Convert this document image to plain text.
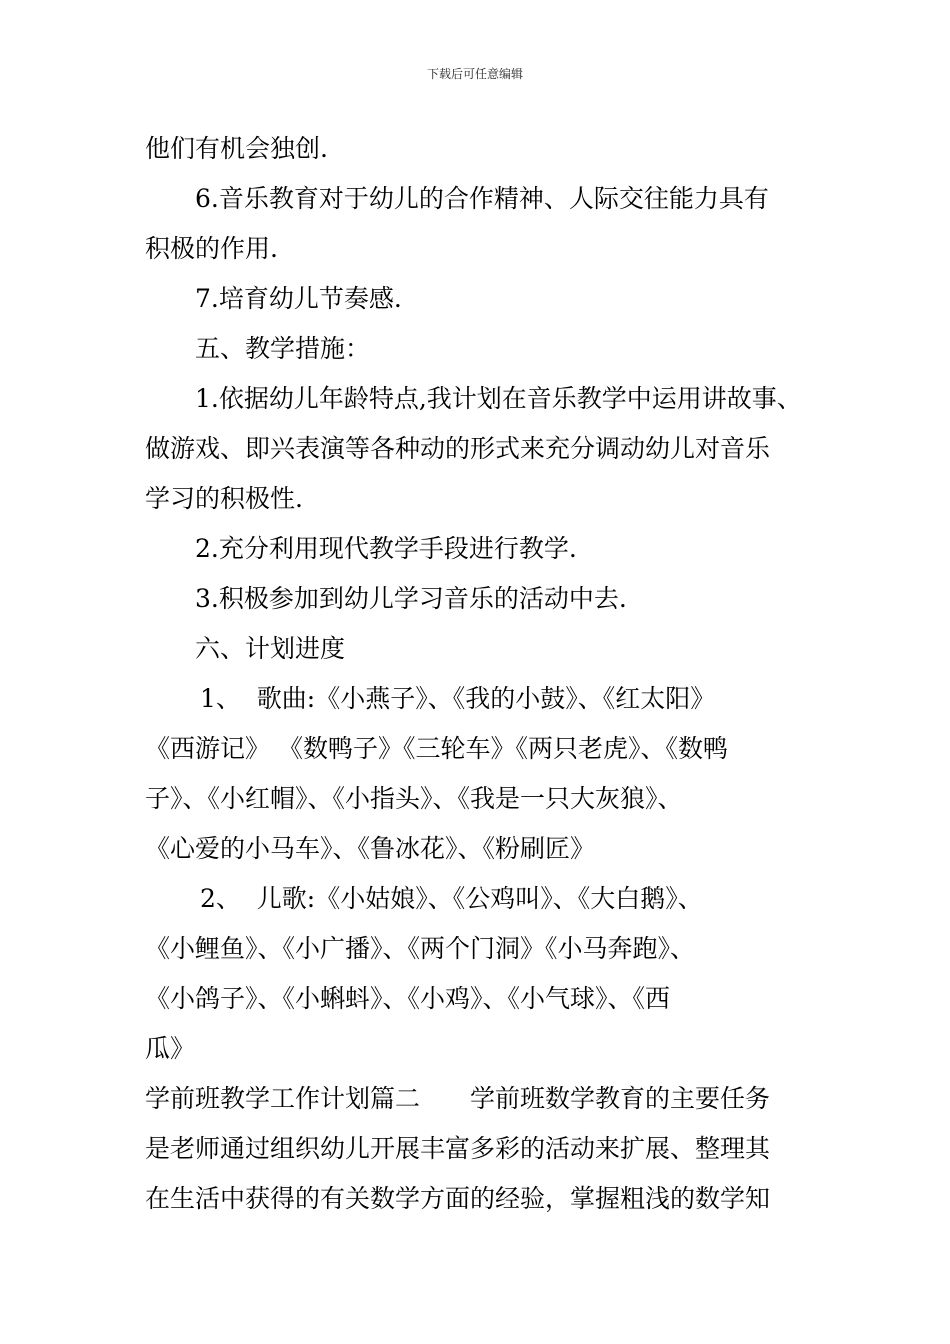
下载后可任意编辑
他们有机会独创.
6.音乐教育对于幼儿的合作精神、人际交往能力具有
积极的作用.
7.培育幼儿节奏感.
五、教学措施：
1.依据幼儿年龄特点,我计划在音乐教学中运用讲故事、
做游戏、即兴表演等各种动的形式来充分调动幼儿对音乐
学习的积极性.
2.充分利用现代教学手段进行教学.
3.积极参加到幼儿学习音乐的活动中去.
六、计划进度
1、  歌曲:《小燕子》、《我的小鼓》、《红太阳》
《西游记》 《数鸭子》《三轮车》《两只老虎》、《数鸭
子》、《小红帽》、《小指头》、《我是一只大灰狼》、
《心爱的小马车》、《鲁冰花》、《粉刷匠》
2、  儿歌:《小姑娘》、《公鸡叫》、《大白鹅》、
《小鲤鱼》、《小广播》、《两个门洞》《小马奔跑》、
《小鸽子》、《小蝌蚪》、《小鸡》、《小气球》、《西
瓜》
学前班教学工作计划篇二　　学前班数学教育的主要任务
是老师通过组织幼儿开展丰富多彩的活动来扩展、整理其
在生活中获得的有关数学方面的经验，掌握粗浅的数学知
